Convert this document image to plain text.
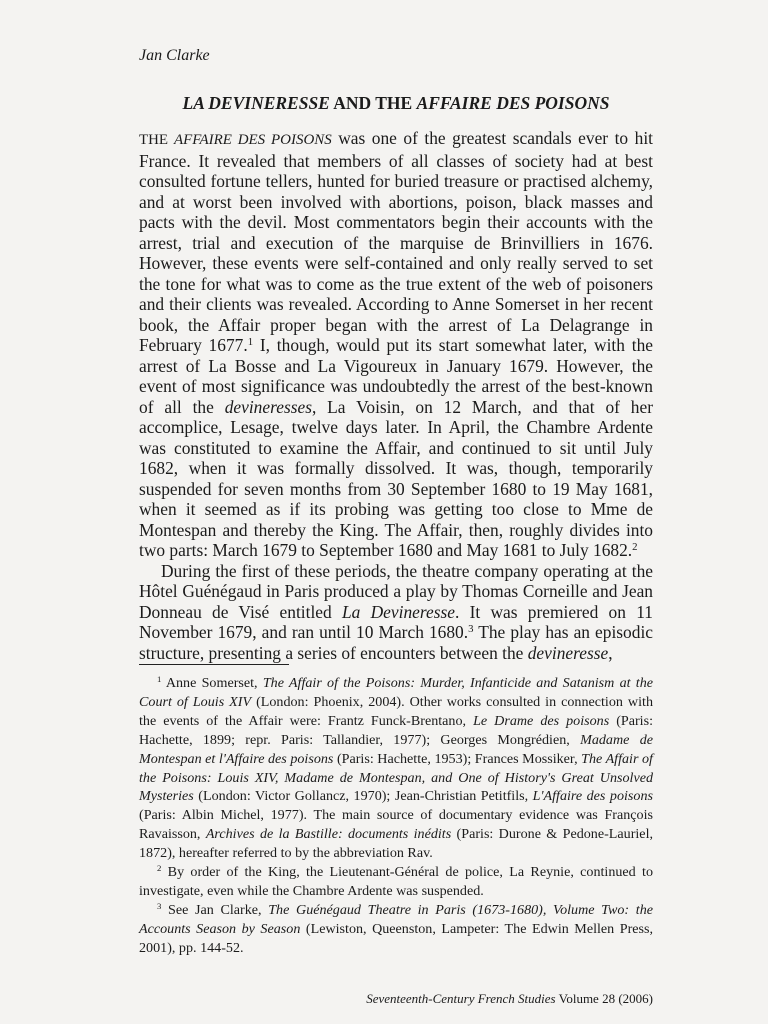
Jan Clarke
LA DEVINERESSE AND THE AFFAIRE DES POISONS

THE AFFAIRE DES POISONS was one of the greatest scandals ever to hit France. It revealed that members of all classes of society had at best consulted fortune tellers, hunted for buried treasure or practised alchemy, and at worst been involved with abortions, poison, black masses and pacts with the devil. Most commentators begin their accounts with the arrest, trial and execution of the marquise de Brinvilliers in 1676. However, these events were self-contained and only really served to set the tone for what was to come as the true extent of the web of poisoners and their clients was revealed. According to Anne Somerset in her recent book, the Affair proper began with the arrest of La Delagrange in February 1677.$^1$ I, though, would put its start somewhat later, with the arrest of La Bosse and La Vigoureux in January 1679. However, the event of most significance was undoubtedly the arrest of the best-known of all the devineresses, La Voisin, on 12 March, and that of her accomplice, Lesage, twelve days later. In April, the Chambre Ardente was constituted to examine the Affair, and continued to sit until July 1682, when it was formally dissolved. It was, though, temporarily suspended for seven months from 30 September 1680 to 19 May 1681, when it seemed as if its probing was getting too close to Mme de Montespan and thereby the King. The Affair, then, roughly divides into two parts: March 1679 to September 1680 and May 1681 to July 1682.$^2$

During the first of these periods, the theatre company operating at the Hôtel Guénégaud in Paris produced a play by Thomas Corneille and Jean Donneau de Visé entitled La Devineresse. It was premiered on 11 November 1679, and ran until 10 March 1680.$^3$ The play has an episodic structure, presenting a series of encounters between the devineresse,

$^1$ Anne Somerset, The Affair of the Poisons: Murder, Infanticide and Satanism at the Court of Louis XIV (London: Phoenix, 2004). Other works consulted in connection with the events of the Affair were: Frantz Funck-Brentano, Le Drame des poisons (Paris: Hachette, 1899; repr. Paris: Tallandier, 1977); Georges Mongrédien, Madame de Montespan et l'Affaire des poisons (Paris: Hachette, 1953); Frances Mossiker, The Affair of the Poisons: Louis XIV, Madame de Montespan, and One of History's Great Unsolved Mysteries (London: Victor Gollancz, 1970); Jean-Christian Petitfils, L'Affaire des poisons (Paris: Albin Michel, 1977). The main source of documentary evidence was François Ravaisson, Archives de la Bastille: documents inédits (Paris: Durone & Pedone-Lauriel, 1872), hereafter referred to by the abbreviation Rav.

$^2$ By order of the King, the Lieutenant-Général de police, La Reynie, continued to investigate, even while the Chambre Ardente was suspended.

$^3$ See Jan Clarke, The Guénégaud Theatre in Paris (1673-1680), Volume Two: the Accounts Season by Season (Lewiston, Queenston, Lampeter: The Edwin Mellen Press, 2001), pp. 144-52.

Seventeenth-Century French Studies Volume 28 (2006)
